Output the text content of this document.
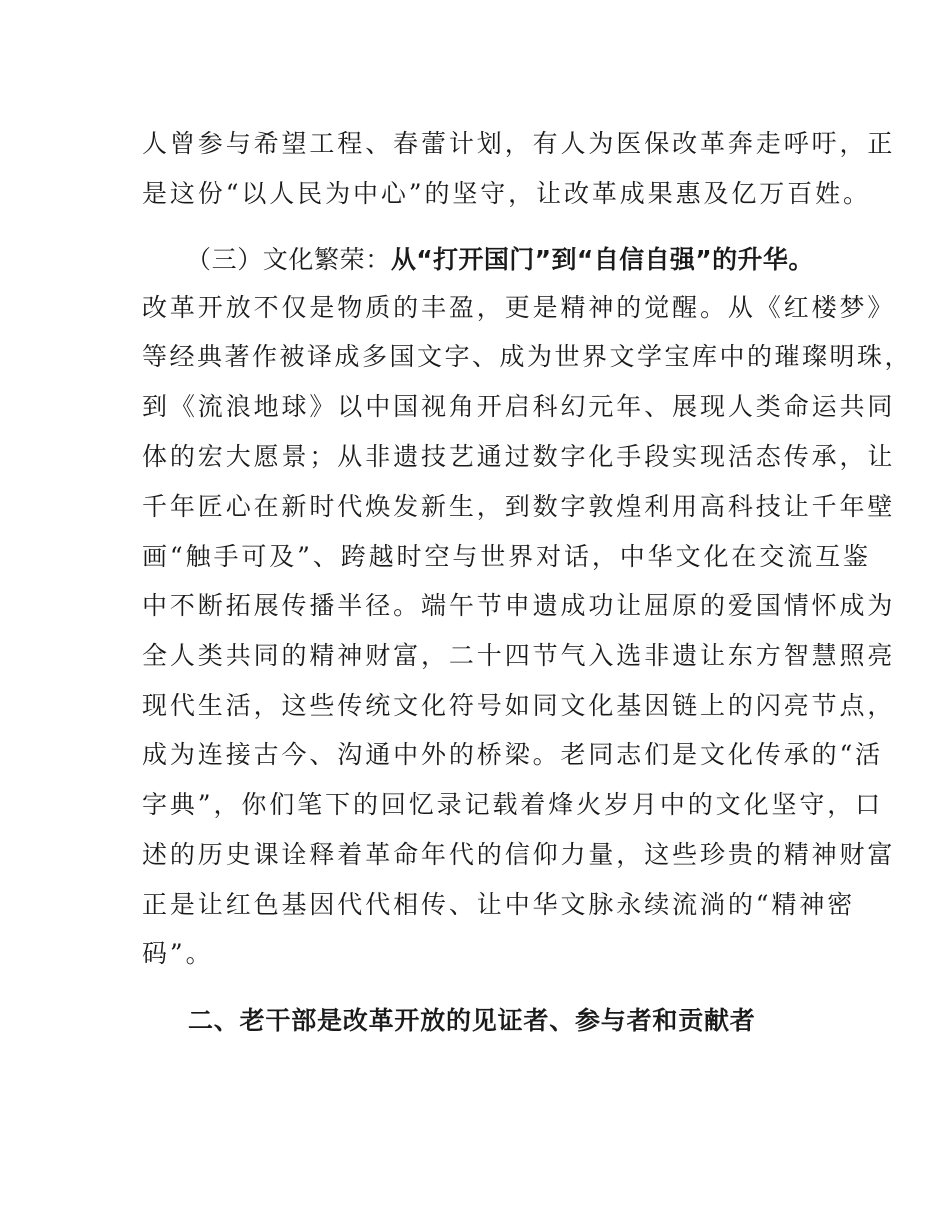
人曾参与希望工程、春蕾计划，有人为医保改革奔走呼吁，正

是这份“以人民为中心”的坚守，让改革成果惠及亿万百姓。

（三）文化繁荣：从“打开国门”到“自信自强”的升华。

改革开放不仅是物质的丰盈，更是精神的觉醒。从《红楼梦》

等经典著作被译成多国文字、成为世界文学宝库中的璀璨明珠，

到《流浪地球》以中国视角开启科幻元年、展现人类命运共同

体的宏大愿景；从非遗技艺通过数字化手段实现活态传承，让

千年匠心在新时代焕发新生，到数字敦煌利用高科技让千年壁

画“触手可及”、跨越时空与世界对话，中华文化在交流互鉴

中不断拓展传播半径。端午节申遗成功让屈原的爱国情怀成为

全人类共同的精神财富，二十四节气入选非遗让东方智慧照亮

现代生活，这些传统文化符号如同文化基因链上的闪亮节点，

成为连接古今、沟通中外的桥梁。老同志们是文化传承的“活

字典”，你们笔下的回忆录记载着烽火岁月中的文化坚守，口

述的历史课诠释着革命年代的信仰力量，这些珍贵的精神财富

正是让红色基因代代相传、让中华文脉永续流淌的“精神密

码”。

二、老干部是改革开放的见证者、参与者和贡献者
